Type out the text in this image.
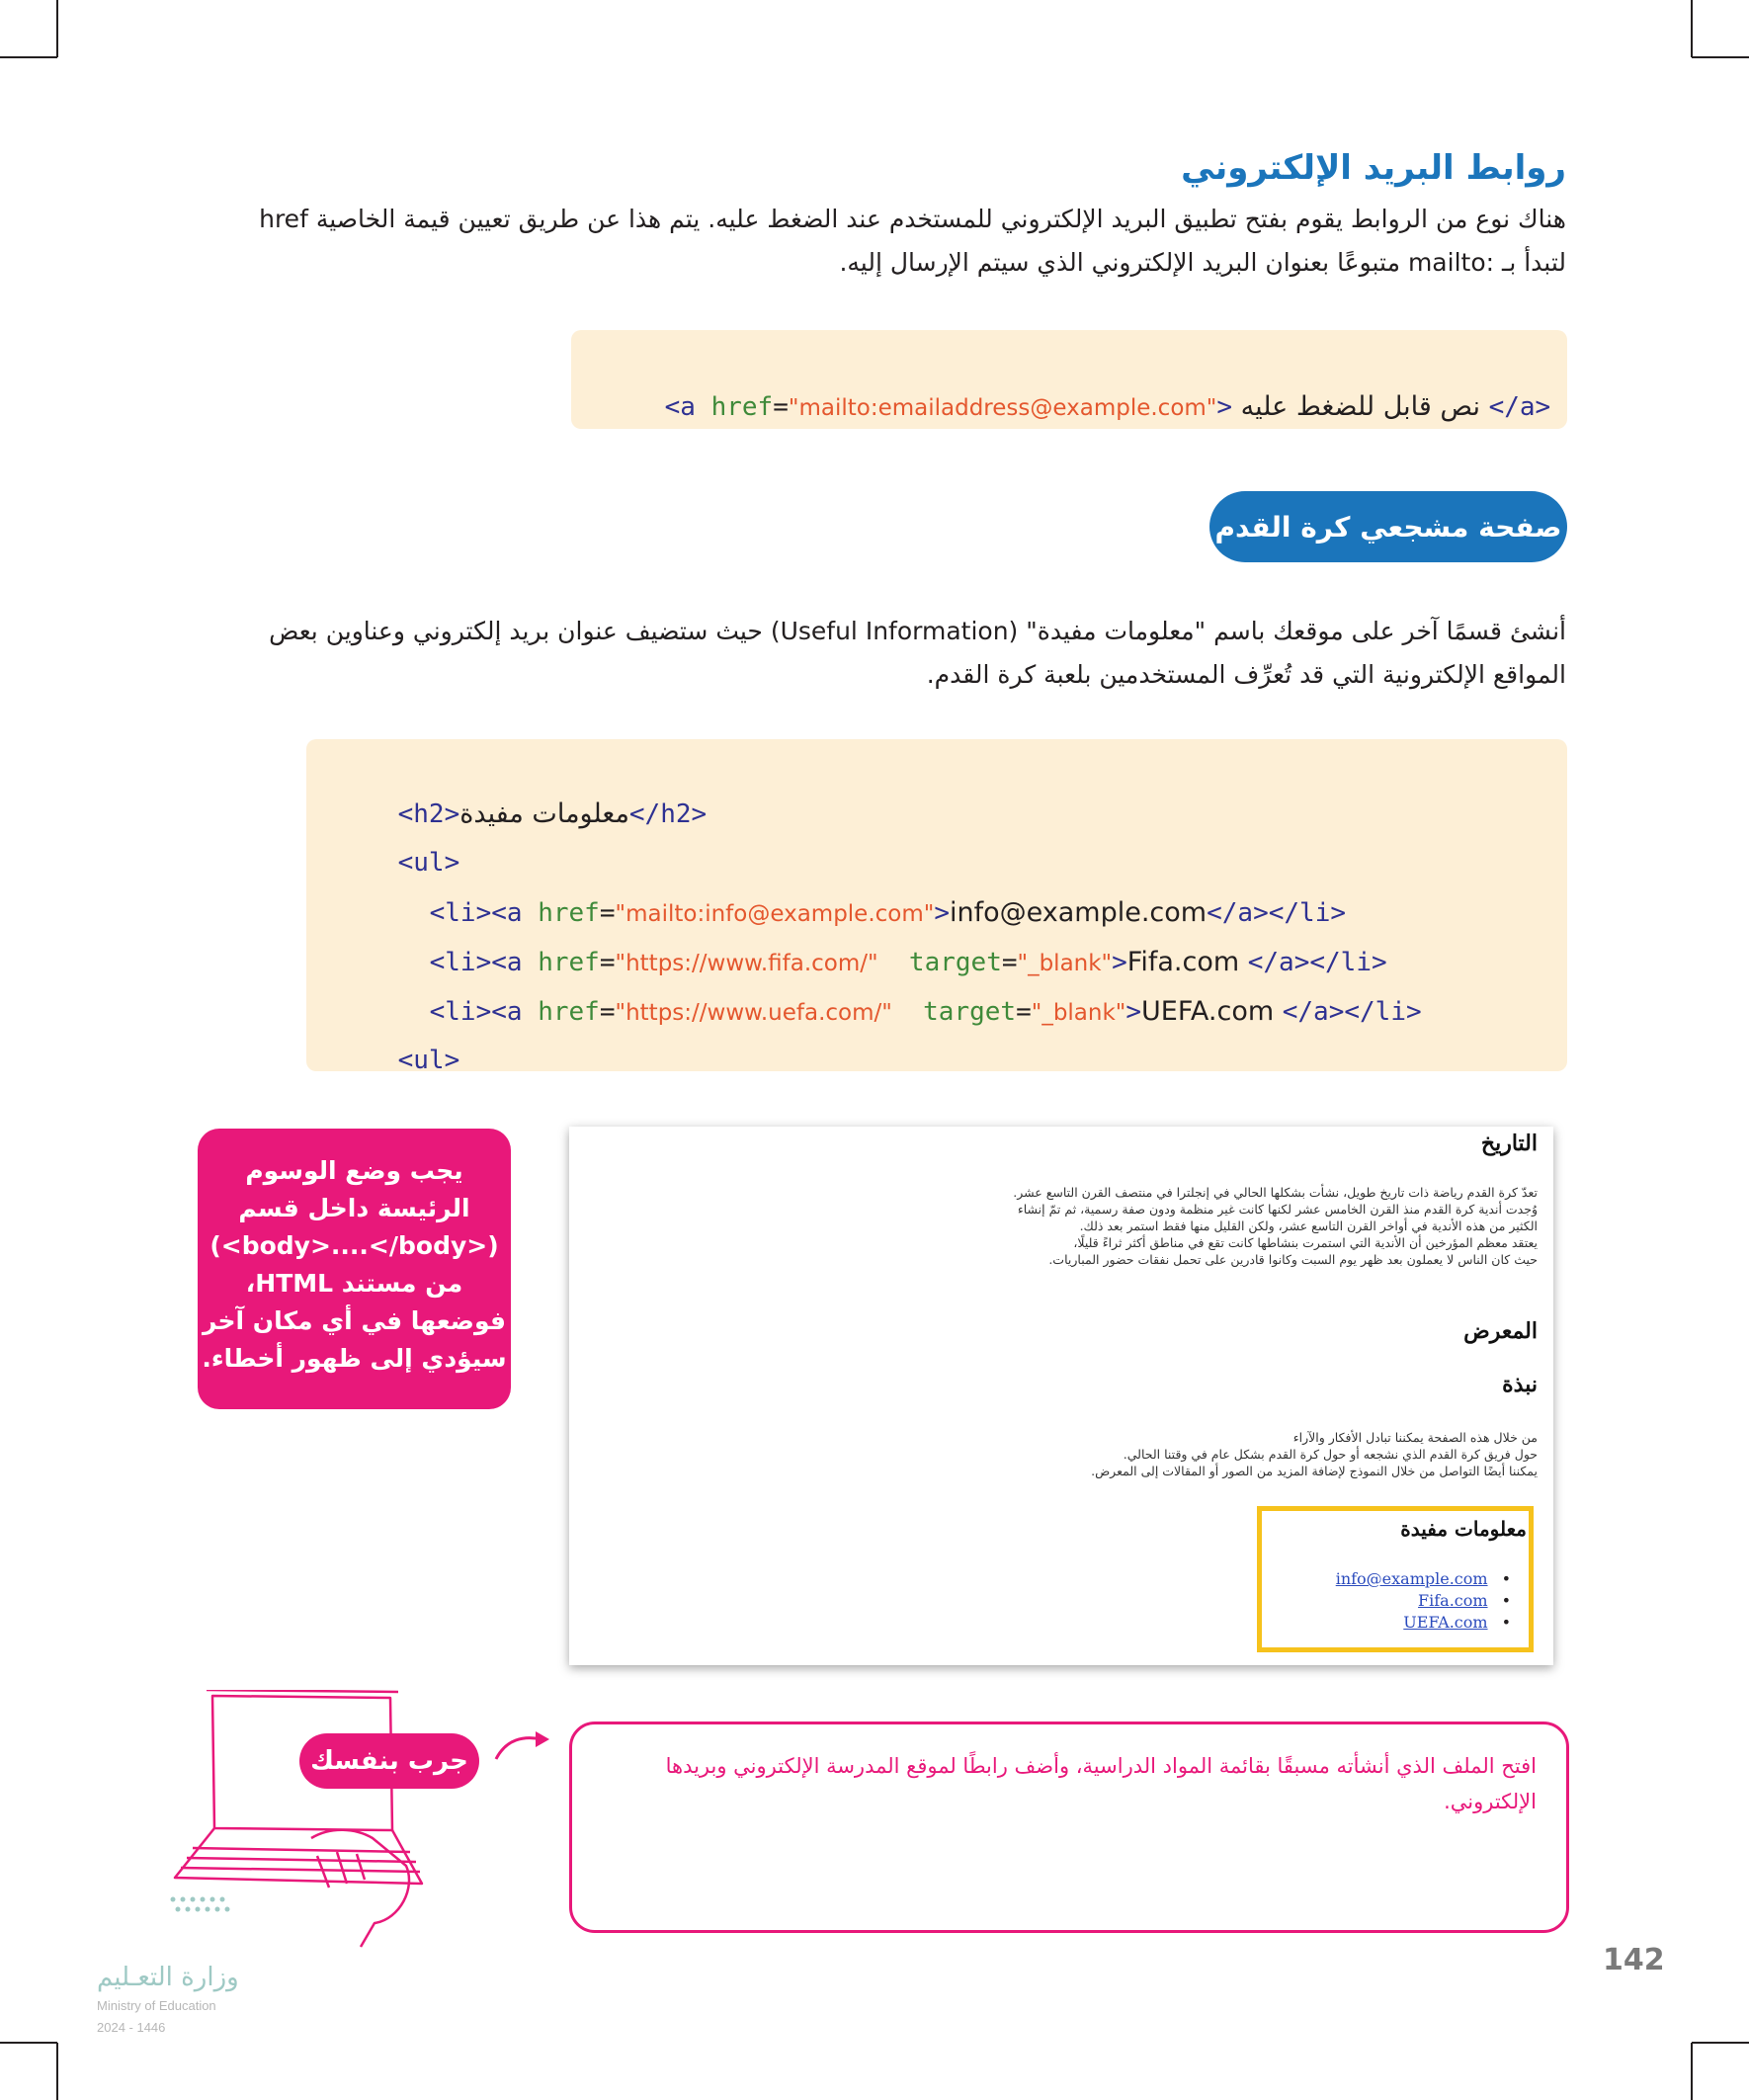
روابط البريد الإلكتروني
هناك نوع من الروابط يقوم بفتح تطبيق البريد الإلكتروني للمستخدم عند الضغط عليه. يتم هذا عن طريق تعيين قيمة الخاصية href
لتبدأ بـ :mailto متبوعًا بعنوان البريد الإلكتروني الذي سيتم الإرسال إليه.

<a href="mailto:emailaddress@example.com"> نص قابل للضغط عليه </a>

صفحة مشجعي كرة القدم
أنشئ قسمًا آخر على موقعك باسم "معلومات مفيدة" (Useful Information) حيث ستضيف عنوان بريد إلكتروني وعناوين بعض
المواقع الإلكترونية التي قد تُعرِّف المستخدمين بلعبة كرة القدم.

<h2>معلومات مفيدة</h2>

<ul>

<li><a href="mailto:info@example.com">info@example.com</a></li>

<li><a href="https://www.fifa.com/" target="_blank">Fifa.com </a></li>

<li><a href="https://www.uefa.com/" target="_blank">UEFA.com </a></li>

<ul>

يجب وضع الوسوم
الرئيسة داخل قسم
(<body>....</body>)
من مستند HTML،
فوضعها في أي مكان آخر
سيؤدي إلى ظهور أخطاء.
التاريخ
تعدّ كرة القدم رياضة ذات تاريخ طويل، نشأت بشكلها الحالي في إنجلترا في منتصف القرن التاسع عشر.
وُجدت أندية كرة القدم منذ القرن الخامس عشر لكنها كانت غير منظمة ودون صفة رسمية، ثم تمّ إنشاء
الكثير من هذه الأندية في أواخر القرن التاسع عشر، ولكن القليل منها فقط استمر بعد ذلك.
يعتقد معظم المؤرخين أن الأندية التي استمرت بنشاطها كانت تقع في مناطق أكثر ثراءً قليلًا،
حيث كان الناس لا يعملون بعد ظهر يوم السبت وكانوا قادرين على تحمل نفقات حضور المباريات.
المعرض
نبذة
من خلال هذه الصفحة يمكننا تبادل الأفكار والآراء
حول فريق كرة القدم الذي نشجعه أو حول كرة القدم بشكل عام في وقتنا الحالي.
يمكننا أيضًا التواصل من خلال النموذج لإضافة المزيد من الصور أو المقالات إلى المعرض.
معلومات مفيدة
info@example.com •
Fifa.com •
UEFA.com •
جرب بنفسك	افتح الملف الذي أنشأته مسبقًا بقائمة المواد الدراسية، وأضف رابطًا لموقع المدرسة الإلكتروني وبريدها
الإلكتروني.
142
وزارة التعـليم
Ministry of Education
2024 - 1446
